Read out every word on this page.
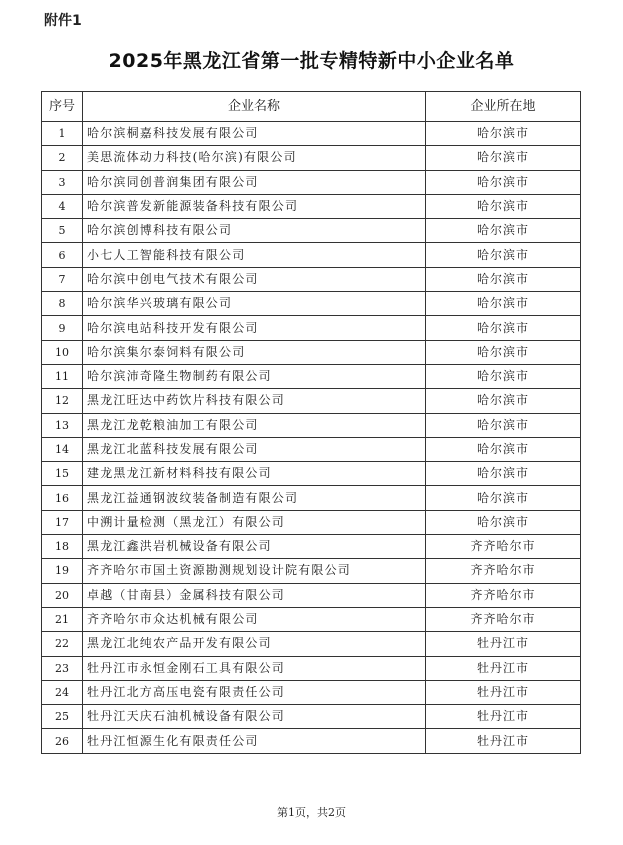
附件1
2025年黑龙江省第一批专精特新中小企业名单
序号	企业名称	企业所在地
1	哈尔滨桐嘉科技发展有限公司	哈尔滨市
2	美思流体动力科技(哈尔滨)有限公司	哈尔滨市
3	哈尔滨同创普润集团有限公司	哈尔滨市
4	哈尔滨普发新能源装备科技有限公司	哈尔滨市
5	哈尔滨创博科技有限公司	哈尔滨市
6	小七人工智能科技有限公司	哈尔滨市
7	哈尔滨中创电气技术有限公司	哈尔滨市
8	哈尔滨华兴玻璃有限公司	哈尔滨市
9	哈尔滨电站科技开发有限公司	哈尔滨市
10	哈尔滨集尔泰饲料有限公司	哈尔滨市
11	哈尔滨沛奇隆生物制药有限公司	哈尔滨市
12	黑龙江旺达中药饮片科技有限公司	哈尔滨市
13	黑龙江龙乾粮油加工有限公司	哈尔滨市
14	黑龙江北蓝科技发展有限公司	哈尔滨市
15	建龙黑龙江新材料科技有限公司	哈尔滨市
16	黑龙江益通钢波纹装备制造有限公司	哈尔滨市
17	中溯计量检测（黑龙江）有限公司	哈尔滨市
18	黑龙江鑫洪岩机械设备有限公司	齐齐哈尔市
19	齐齐哈尔市国土资源勘测规划设计院有限公司	齐齐哈尔市
20	卓越（甘南县）金属科技有限公司	齐齐哈尔市
21	齐齐哈尔市众达机械有限公司	齐齐哈尔市
22	黑龙江北纯农产品开发有限公司	牡丹江市
23	牡丹江市永恒金刚石工具有限公司	牡丹江市
24	牡丹江北方高压电瓷有限责任公司	牡丹江市
25	牡丹江天庆石油机械设备有限公司	牡丹江市
26	牡丹江恒源生化有限责任公司	牡丹江市
第1页，共2页
